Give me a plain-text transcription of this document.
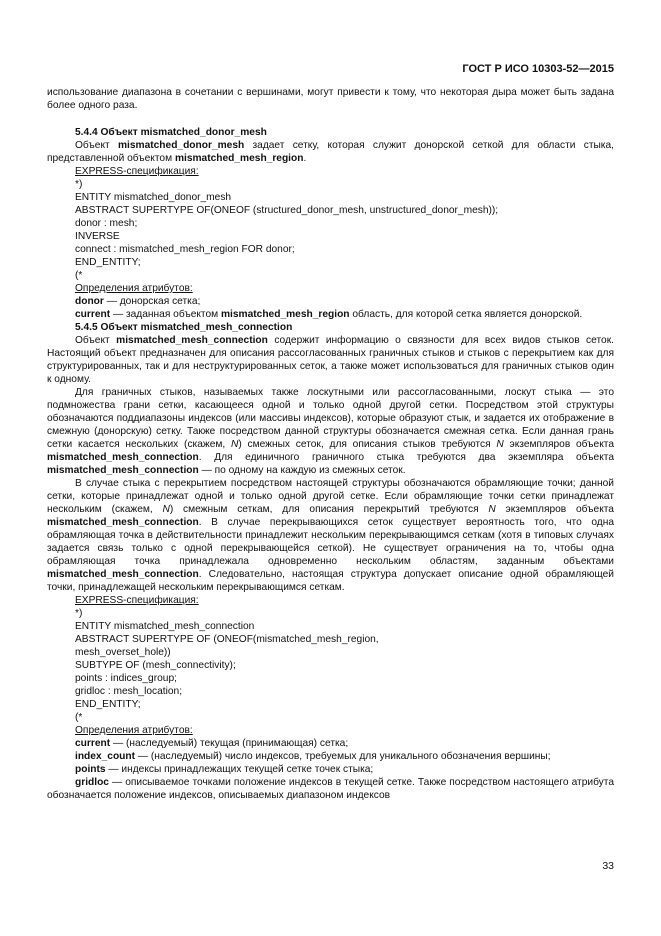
ГОСТ Р ИСО 10303-52—2015

использование диапазона в сочетании с вершинами, могут привести к тому, что некоторая дыра может быть задана более одного раза.

5.4.4 Объект mismatched_donor_mesh

Объект mismatched_donor_mesh задает сетку, которая служит донорской сеткой для области стыка, представленной объектом mismatched_mesh_region.

EXPRESS-спецификация:

*)

ENTITY mismatched_donor_mesh

ABSTRACT SUPERTYPE OF(ONEOF (structured_donor_mesh, unstructured_donor_mesh));

donor : mesh;

INVERSE

connect : mismatched_mesh_region FOR donor;

END_ENTITY;

(*

Определения атрибутов:

donor — донорская сетка;

current — заданная объектом mismatched_mesh_region область, для которой сетка является донорской.

5.4.5 Объект mismatched_mesh_connection

Объект mismatched_mesh_connection содержит информацию о связности для всех видов стыков сеток. Настоящий объект предназначен для описания рассогласованных граничных стыков и стыков с перекрытием как для структурированных, так и для неструктурированных сеток, а также может использоваться для граничных стыков один к одному.

Для граничных стыков, называемых также лоскутными или рассогласованными, лоскут стыка — это подмножества грани сетки, касающееся одной и только одной другой сетки. Посредством этой структуры обозначаются поддиапазоны индексов (или массивы индексов), которые образуют стык, и задается их отображение в смежную (донорскую) сетку. Также посредством данной структуры обозначается смежная сетка. Если данная грань сетки касается нескольких (скажем, N) смежных сеток, для описания стыков требуются N экземпляров объекта mismatched_mesh_connection. Для единичного граничного стыка требуются два экземпляра объекта mismatched_mesh_connection — по одному на каждую из смежных сеток.

В случае стыка с перекрытием посредством настоящей структуры обозначаются обрамляющие точки; данной сетки, которые принадлежат одной и только одной другой сетке. Если обрамляющие точки сетки принадлежат нескольким (скажем, N) смежным сеткам, для описания перекрытий требуются N экземпляров объекта mismatched_mesh_connection. В случае перекрывающихся сеток существует вероятность того, что одна обрамляющая точка в действительности принадлежит нескольким перекрывающимся сеткам (хотя в типовых случаях задается связь только с одной перекрывающейся сеткой). Не существует ограничения на то, чтобы одна обрамляющая точка принадлежала одновременно нескольким областям, заданным объектами mismatched_mesh_connection. Следовательно, настоящая структура допускает описание одной обрамляющей точки, принадлежащей нескольким перекрывающимся сеткам.

EXPRESS-спецификация:

*)

ENTITY mismatched_mesh_connection

ABSTRACT SUPERTYPE OF (ONEOF(mismatched_mesh_region,

mesh_overset_hole))

SUBTYPE OF (mesh_connectivity);

points : indices_group;

gridloc : mesh_location;

END_ENTITY;

(*

Определения атрибутов:

current — (наследуемый) текущая (принимающая) сетка;

index_count — (наследуемый) число индексов, требуемых для уникального обозначения вершины;

points — индексы принадлежащих текущей сетке точек стыка;

gridloc — описываемое точками положение индексов в текущей сетке. Также посредством настоящего атрибута обозначается положение индексов, описываемых диапазоном индексов

33
